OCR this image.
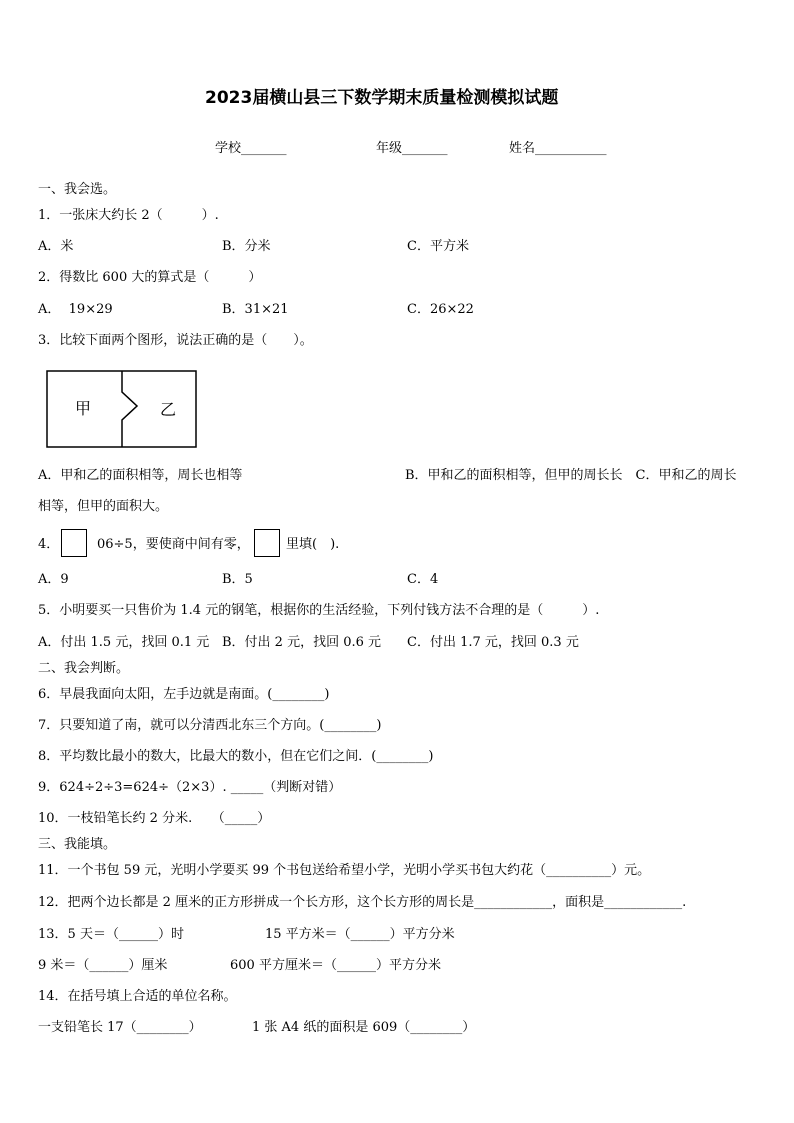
2023届横山县三下数学期末质量检测模拟试题
学校_______	年级_______	姓名___________
一、我会选。
1．一张床大约长 2（　　　）.
A．米	B．分米	C．平方米
2．得数比 600 大的算式是（　　　）
A．  19×29	B．31×21	C．26×22
3．比较下面两个图形，说法正确的是（　　）。
甲	乙
A．甲和乙的面积相等，周长也相等	B．甲和乙的面积相等，但甲的周长长　C．甲和乙的周长
相等，但甲的面积大。
4．	06÷5，要使商中间有零，	里填(　).
A．9	B．5	C．4
5．小明要买一只售价为 1.4 元的钢笔，根据你的生活经验，下列付钱方法不合理的是（　　　）.
A．付出 1.5 元，找回 0.1 元 B．付出 2 元，找回 0.6 元 C．付出 1.7 元，找回 0.3 元
二、我会判断。
6．早晨我面向太阳，左手边就是南面。(________)
7．只要知道了南，就可以分清西北东三个方向。(________)
8．平均数比最小的数大，比最大的数小，但在它们之间．(________)
9．624÷2÷3=624÷（2×3）. _____（判断对错）
10．一枝铅笔长约 2 分米.　　（_____）
三、我能填。
11．一个书包 59 元，光明小学要买 99 个书包送给希望小学，光明小学买书包大约花（__________）元。
12．把两个边长都是 2 厘米的正方形拼成一个长方形，这个长方形的周长是____________，面积是____________.
13．5 天＝（______）时	15 平方米＝（______）平方分米
9 米＝（______）厘米	600 平方厘米＝（______）平方分米
14．在括号填上合适的单位名称。
一支铅笔长 17（________）	1 张 A4 纸的面积是 609（________）
